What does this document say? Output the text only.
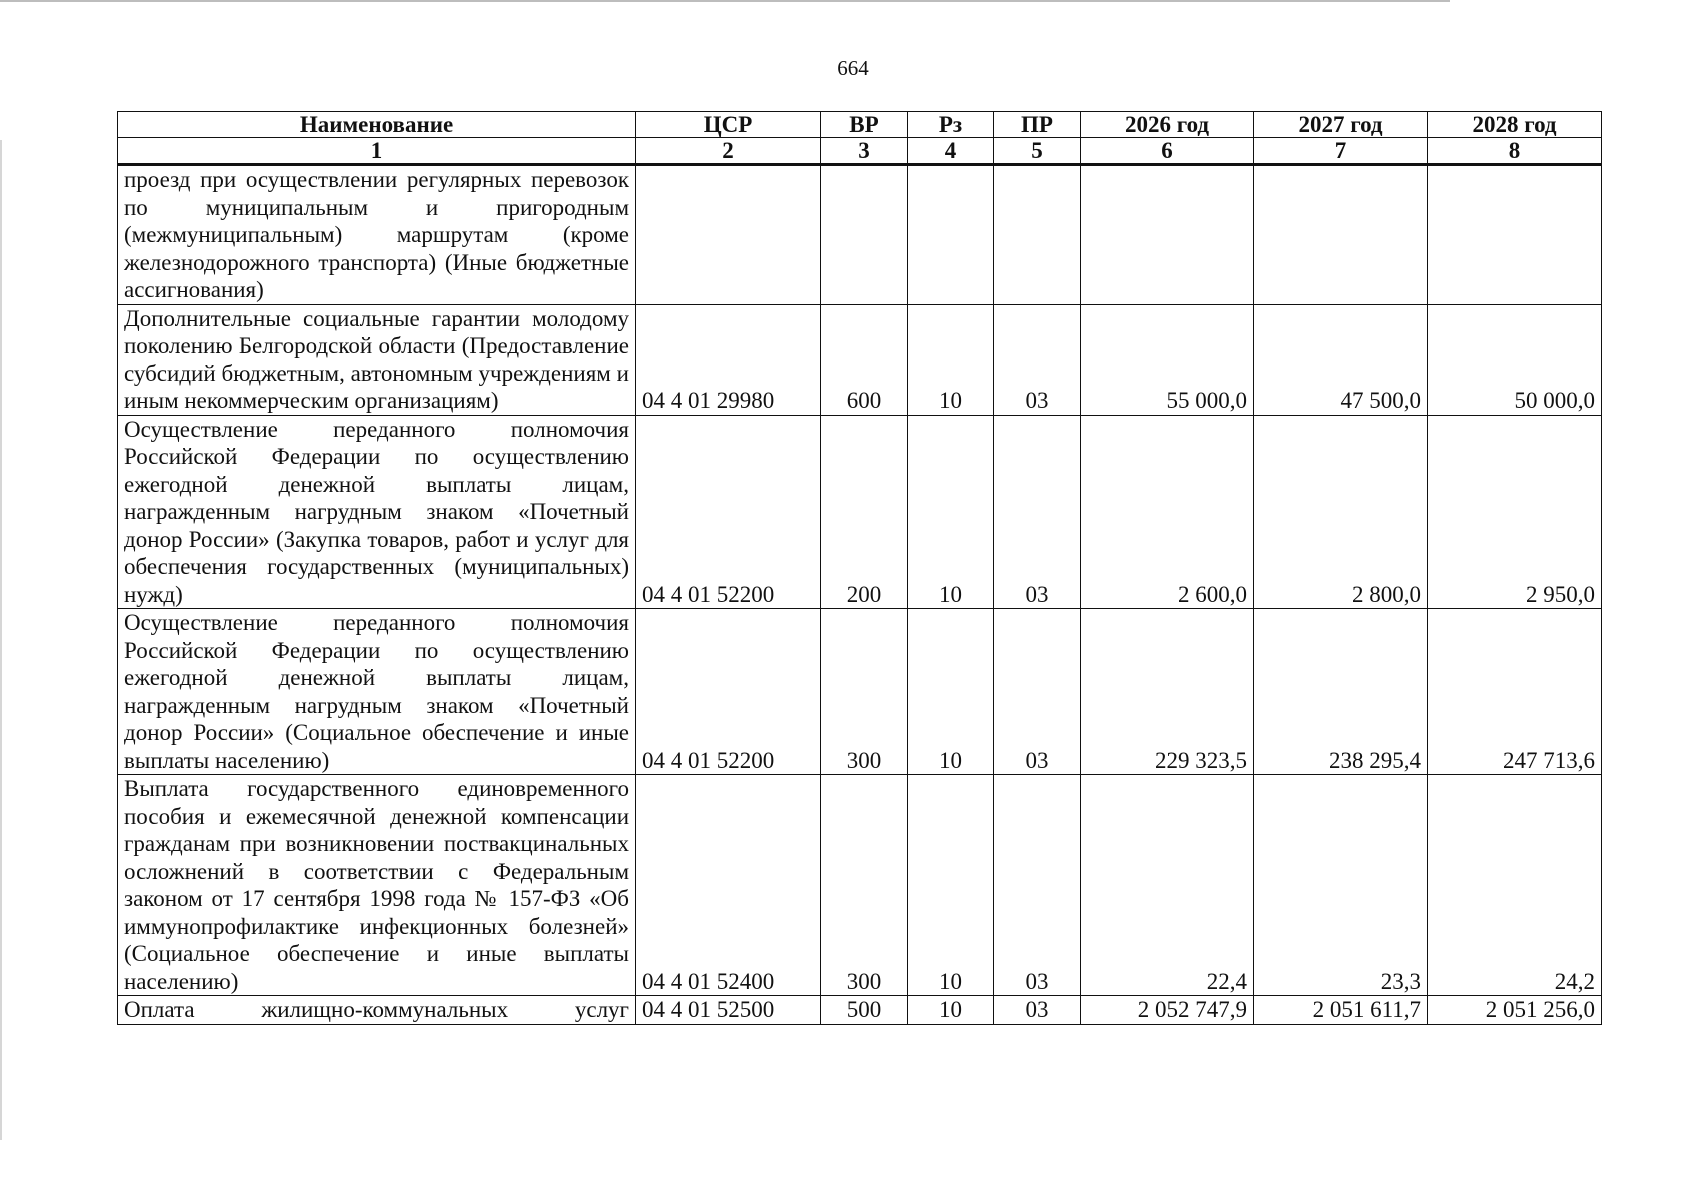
664
Наименование	ЦСР	ВР	Рз	ПР	2026 год	2027 год	2028 год
1	2	3	4	5	6	7	8
проезд при осуществлении регулярных перевозок по муниципальным и пригородным (межмуниципальным) маршрутам (кроме железнодорожного транспорта) (Иные бюджетные ассигнования)							
Дополнительные социальные гарантии молодому поколению Белгородской области (Предоставление субсидий бюджетным, автономным учреждениям и иным некоммерческим организациям)	04 4 01 29980	600	10	03	55 000,0	47 500,0	50 000,0
Осуществление переданного полномочия Российской Федерации по осуществлению ежегодной денежной выплаты лицам, награжденным нагрудным знаком «Почетный донор России» (Закупка товаров, работ и услуг для обеспечения государственных (муниципальных) нужд)	04 4 01 52200	200	10	03	2 600,0	2 800,0	2 950,0
Осуществление переданного полномочия Российской Федерации по осуществлению ежегодной денежной выплаты лицам, награжденным нагрудным знаком «Почетный донор России» (Социальное обеспечение и иные выплаты населению)	04 4 01 52200	300	10	03	229 323,5	238 295,4	247 713,6
Выплата государственного единовременного пособия и ежемесячной денежной компенсации гражданам при возникновении поствакцинальных осложнений в соответствии с Федеральным законом от 17 сентября 1998 года № 157-ФЗ «Об иммунопрофилактике инфекционных болезней» (Социальное обеспечение и иные выплаты населению)	04 4 01 52400	300	10	03	22,4	23,3	24,2
Оплата жилищно-коммунальных услуг	04 4 01 52500	500	10	03	2 052 747,9	2 051 611,7	2 051 256,0
